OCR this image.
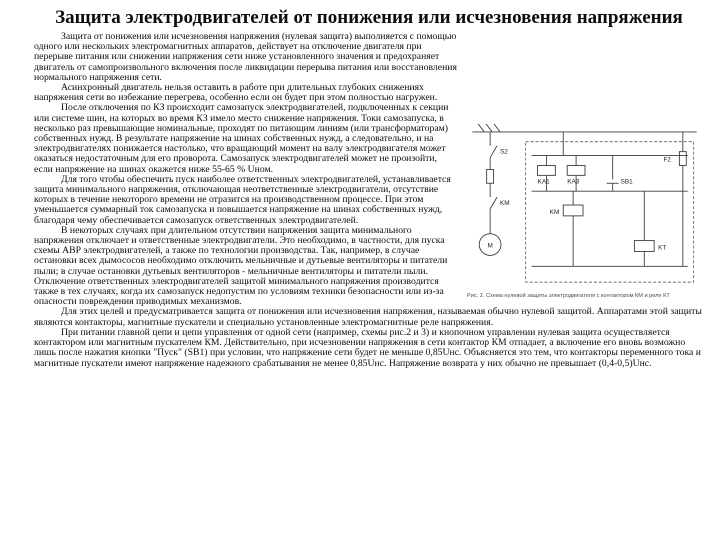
Защита электродвигателей от понижения или исчезновения напряжения
М
S2
KM
KA1	KA3
F2
SB1
KM
KT
Рис. 2. Схема нулевой защиты электродвигателя с контактором КМ и реле КТ

Защита от понижения или исчезновения напряжения (нулевая защита) выполняется с помощью одного или нескольких электромагнитных аппаратов, действует на отключение двигателя при перерыве питания или снижении напряжения сети ниже установленного значения и предохраняет двигатель от самопроизвольного включения после ликвидации перерыва питания или восстановления нормального напряжения сети.

Асинхронный двигатель нельзя оставить в работе при длительных глубоких снижениях напряжения сети во избежание перегрева, особенно если он будет при этом полностью нагружен.

После отключения по КЗ происходит самозапуск электродвигателей, подключенных к секции или системе шин, на которых во время КЗ имело место снижение напряжения. Токи самозапуска, в несколько раз превышающие номинальные, проходят по питающим линиям (или трансформаторам) собственных нужд. В результате напряжение на шинах собственных нужд, а следовательно, и на электродвигателях понижается настолько, что вращающий момент на валу электродвигателя может оказаться недостаточным для его проворота. Самозапуск электродвигателей может не произойти, если напряжение на шинах окажется ниже 55-65 % Uном.

Для того чтобы обеспечить пуск наиболее ответственных электродвигателей, устанавливается защита минимального напряжения, отключающая неответственные электродвигатели, отсутствие которых в течение некоторого времени не отразится на производственном процессе. При этом уменьшается суммарный ток самозапуска и повышается напряжение на шинах собственных нужд, благодаря чему обеспечивается самозапуск ответственных электродвигателей.

В некоторых случаях при длительном отсутствии напряжения защита минимального напряжения отключает и ответственные электродвигатели. Это необходимо, в частности, для пуска схемы АВР электродвигателей, а также по технологии производства. Так, например, в случае остановки всех дымососов необходимо отключить мельничные и дутьевые вентиляторы и питатели пыли; в случае остановки дутьевых вентиляторов - мельничные вентиляторы и питатели пыли. Отключение ответственных электродвигателей защитой минимального напряжения производится также в тех случаях, когда их самозапуск недопустим по условиям техники безопасности или из-за опасности повреждения приводимых механизмов.

Для этих целей и предусматривается защита от понижения или исчезновения напряжения, называемая обычно нулевой защитой. Аппаратами этой защиты являются контакторы, магнитные пускатели и специально установленные электромагнитные реле напряжения.

При питании главной цепи и цепи управления от одной сети (например, схемы рис.2 и 3) и кнопочном управлении нулевая защита осуществляется контактором или магнитным пускателем КМ. Действительно, при исчезновении напряжения в сети контактор КМ отпадает, а включение его вновь возможно лишь после нажатия кнопки "Пуск" (SB1) при условии, что напряжение сети будет не меньше 0,85Uнс. Объясняется это тем, что контакторы переменного тока и магнитные пускатели имеют напряжение надежного срабатывания не менее 0,85Uнс. Напряжение возврата у них обычно не превышает (0,4-0,5)Uнс.
